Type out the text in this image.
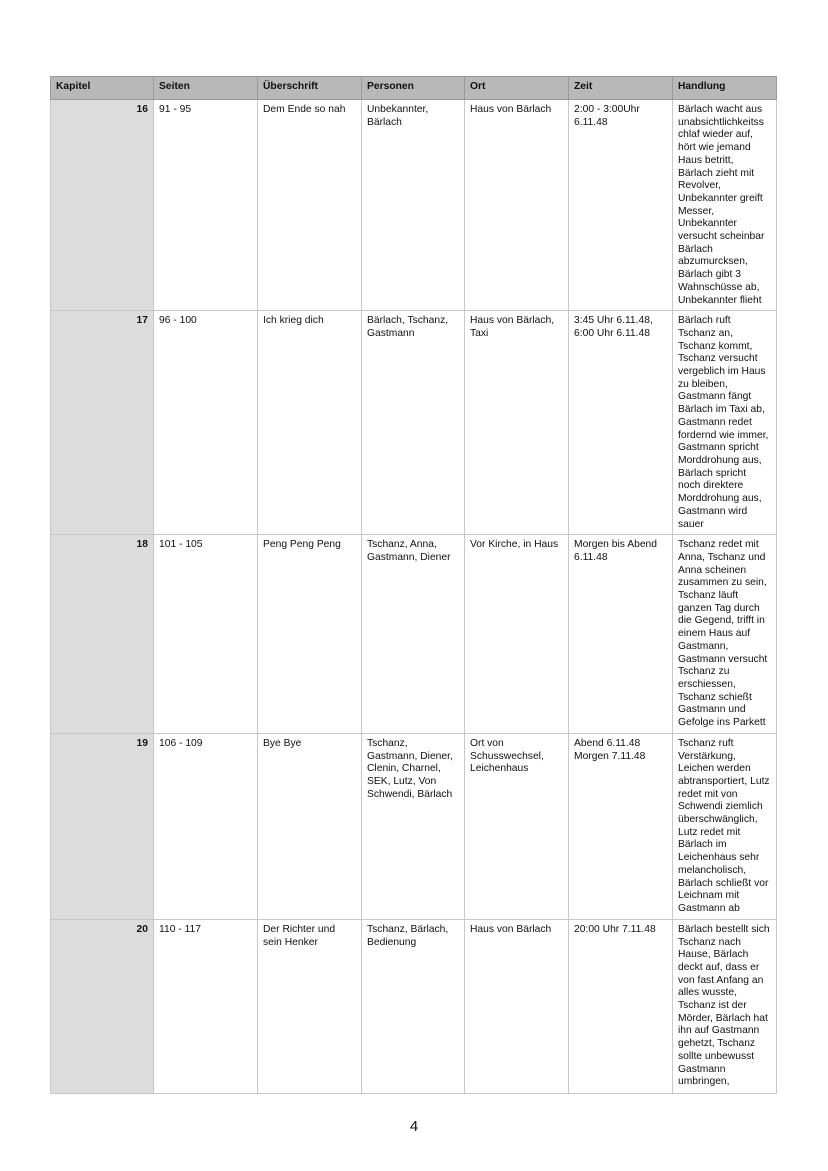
Kapitel	Seiten	Überschrift	Personen	Ort	Zeit	Handlung
16	91 - 95	Dem Ende so nah	Unbekannter, Bärlach	Haus von Bärlach	2:00 - 3:00Uhr 6.11.48	Bärlach wacht aus unabsichtlichkeitss chlaf wieder auf, hört wie jemand Haus betritt, Bärlach zieht mit Revolver, Unbekannter greift Messer, Unbekannter versucht scheinbar Bärlach abzumurcksen, Bärlach gibt 3 Wahnschüsse ab, Unbekannter flieht
17	96 - 100	Ich krieg dich	Bärlach, Tschanz, Gastmann	Haus von Bärlach, Taxi	3:45 Uhr 6.11.48, 6:00 Uhr 6.11.48	Bärlach ruft Tschanz an, Tschanz kommt, Tschanz versucht vergeblich im Haus zu bleiben, Gastmann fängt Bärlach im Taxi ab, Gastmann redet fordernd wie immer, Gastmann spricht Morddrohung aus, Bärlach spricht noch direktere Morddrohung aus, Gastmann wird sauer
18	101 - 105	Peng Peng Peng	Tschanz, Anna, Gastmann, Diener	Vor Kirche, in Haus	Morgen bis Abend 6.11.48	Tschanz redet mit Anna, Tschanz und Anna scheinen zusammen zu sein, Tschanz läuft ganzen Tag durch die Gegend, trifft in einem Haus auf Gastmann, Gastmann versucht Tschanz zu erschiessen, Tschanz schießt Gastmann und Gefolge ins Parkett
19	106 - 109	Bye Bye	Tschanz, Gastmann, Diener, Clenin, Charnel, SEK, Lutz, Von Schwendi, Bärlach	Ort von Schusswechsel, Leichenhaus	Abend 6.11.48 Morgen 7.11.48	Tschanz ruft Verstärkung, Leichen werden abtransportiert, Lutz redet mit von Schwendi ziemlich überschwänglich, Lutz redet mit Bärlach im Leichenhaus sehr melancholisch, Bärlach schließt vor Leichnam mit Gastmann ab
20	110 - 117	Der Richter und sein Henker	Tschanz, Bärlach, Bedienung	Haus von Bärlach	20:00 Uhr 7.11.48	Bärlach bestellt sich Tschanz nach Hause, Bärlach deckt auf, dass er von fast Anfang an alles wusste, Tschanz ist der Mörder, Bärlach hat ihn auf Gastmann gehetzt, Tschanz sollte unbewusst Gastmann umbringen,
4
